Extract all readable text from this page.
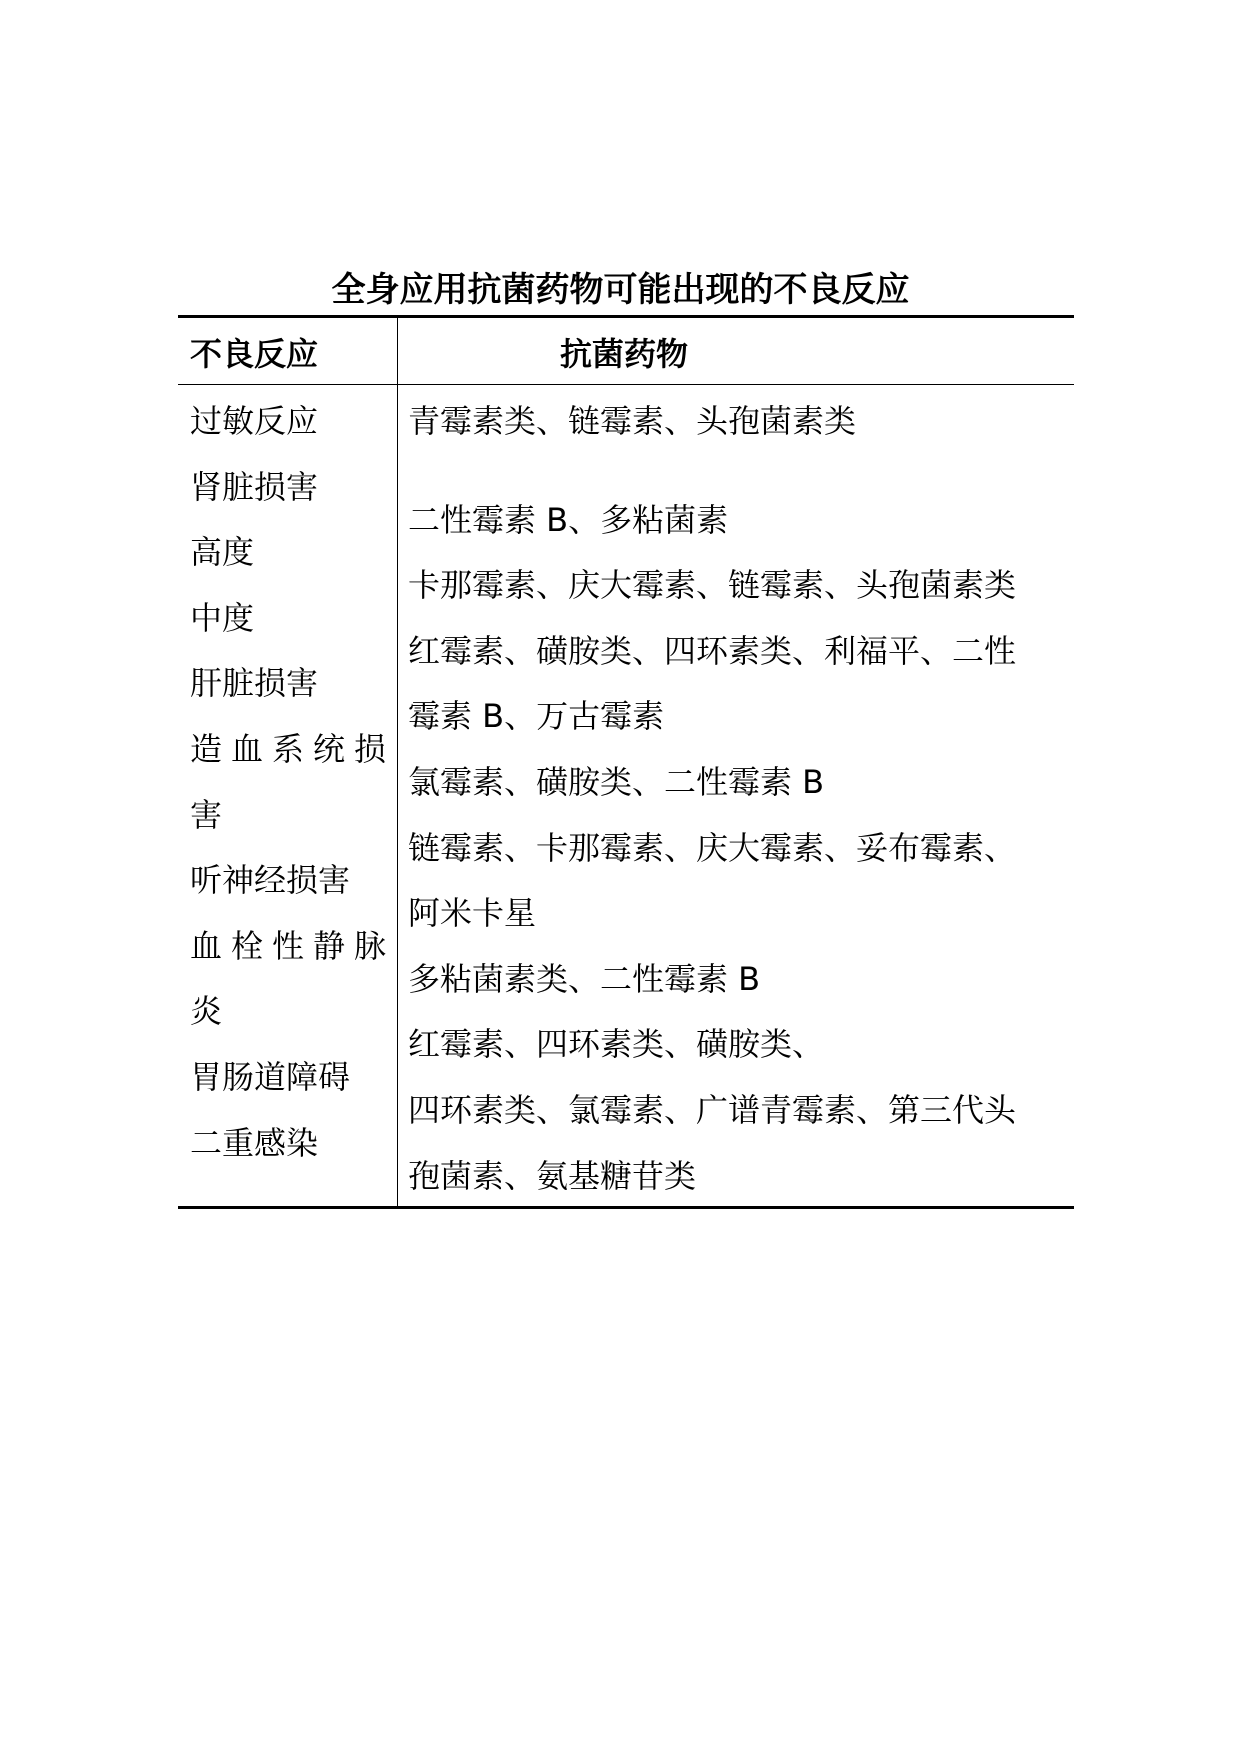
全身应用抗菌药物可能出现的不良反应
不良反应	抗菌药物
过敏反应
肾脏损害
高度
中度
肝脏损害
造血系统损
害
听神经损害
血栓性静脉
炎
胃肠道障碍
二重感染
青霉素类、链霉素、头孢菌素类
二性霉素 B、多粘菌素
卡那霉素、庆大霉素、链霉素、头孢菌素类
红霉素、磺胺类、四环素类、利福平、二性
霉素 B、万古霉素
氯霉素、磺胺类、二性霉素 B
链霉素、卡那霉素、庆大霉素、妥布霉素、
阿米卡星
多粘菌素类、二性霉素 B
红霉素、四环素类、磺胺类、
四环素类、氯霉素、广谱青霉素、第三代头
孢菌素、氨基糖苷类
